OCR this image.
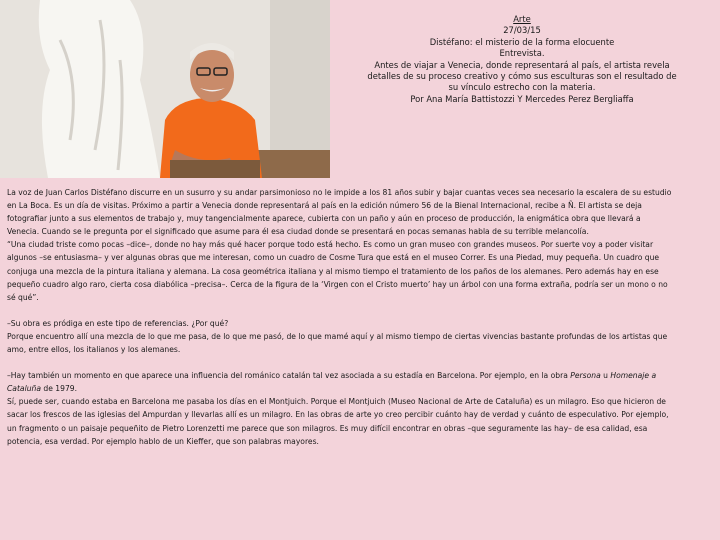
Arte
27/03/15
Distéfano: el misterio de la forma elocuente
Entrevista.
Antes de viajar a Venecia, donde representará al país, el artista revela
detalles de su proceso creativo y cómo sus esculturas son el resultado de
su vínculo estrecho con la materia.
Por Ana María Battistozzi Y Mercedes Perez Bergliaffa

La voz de Juan Carlos Distéfano discurre en un susurro y su andar parsimonioso no le impide a los 81 años subir y bajar cuantas veces sea necesario la escalera de su estudio

en La Boca. Es un día de visitas. Próximo a partir a Venecia donde representará al país en la edición número 56 de la Bienal Internacional, recibe a Ñ. El artista se deja

fotografiar junto a sus elementos de trabajo y, muy tangencialmente aparece, cubierta con un paño y aún en proceso de producción, la enigmática obra que llevará a

Venecia. Cuando se le pregunta por el significado que asume para él esa ciudad donde se presentará en pocas semanas habla de su terrible melancolía.

“Una ciudad triste como pocas –dice–, donde no hay más qué hacer porque todo está hecho. Es como un gran museo con grandes museos. Por suerte voy a poder visitar

algunos –se entusiasma– y ver algunas obras que me interesan, como un cuadro de Cosme Tura que está en el museo Correr. Es una Piedad, muy pequeña. Un cuadro que

conjuga una mezcla de la pintura italiana y alemana. La cosa geométrica italiana y al mismo tiempo el tratamiento de los paños de los alemanes. Pero además hay en ese

pequeño cuadro algo raro, cierta cosa diabólica –precisa–. Cerca de la figura de la ‘Virgen con el Cristo muerto’ hay un árbol con una forma extraña, podría ser un mono o no

sé qué”.

–Su obra es pródiga en este tipo de referencias. ¿Por qué?

Porque encuentro allí una mezcla de lo que me pasa, de lo que me pasó, de lo que mamé aquí y al mismo tiempo de ciertas vivencias bastante profundas de los artistas que

amo, entre ellos, los italianos y los alemanes.

–Hay también un momento en que aparece una influencia del románico catalán tal vez asociada a su estadía en Barcelona. Por ejemplo, en la obra Persona u Homenaje a

Cataluña de 1979.

Sí, puede ser, cuando estaba en Barcelona me pasaba los días en el Montjuich. Porque el Montjuich (Museo Nacional de Arte de Cataluña) es un milagro. Eso que hicieron de

sacar los frescos de las iglesias del Ampurdan y llevarlas allí es un milagro. En las obras de arte yo creo percibir cuánto hay de verdad y cuánto de especulativo. Por ejemplo,

un fragmento o un paisaje pequeñito de Pietro Lorenzetti me parece que son milagros. Es muy difícil encontrar en obras –que seguramente las hay– de esa calidad, esa

potencia, esa verdad. Por ejemplo hablo de un Kieffer, que son palabras mayores.
